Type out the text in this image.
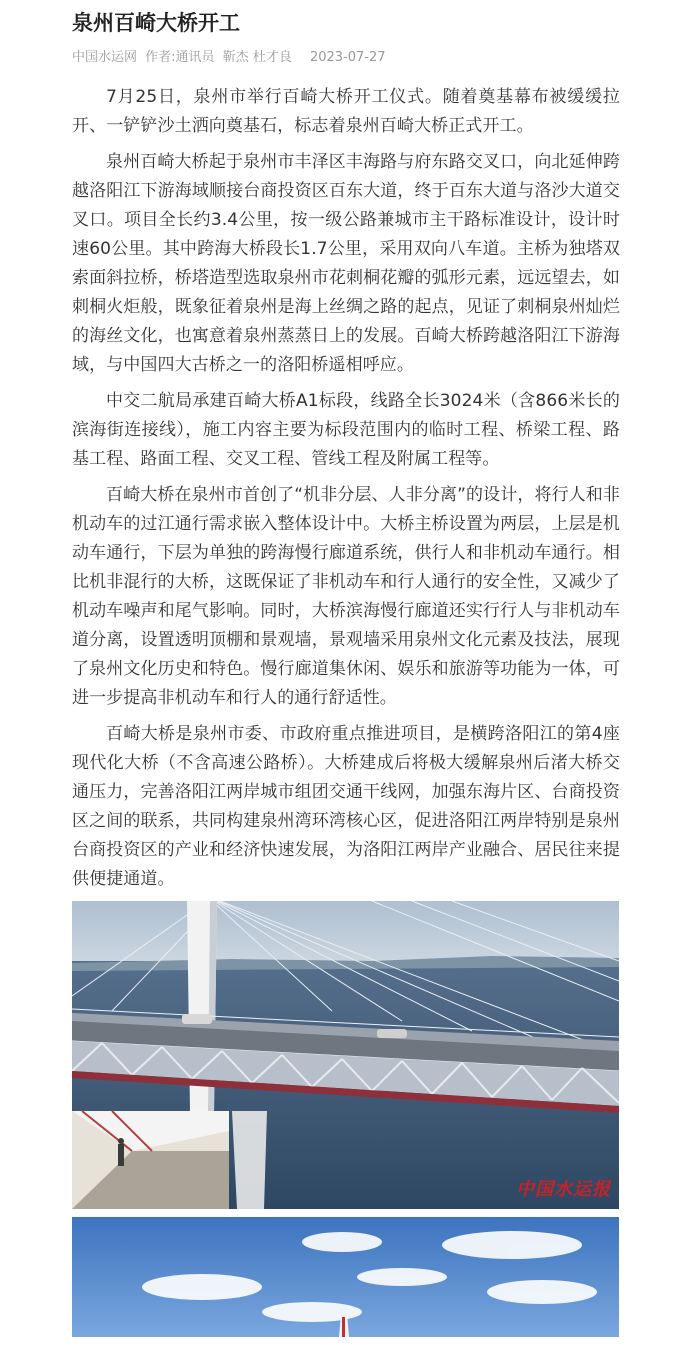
泉州百崎大桥开工
中国水运网 作者:通讯员 靳杰 杜才良 2023-07-27

7月25日，泉州市举行百崎大桥开工仪式。随着奠基幕布被缓缓拉开、一铲铲沙土洒向奠基石，标志着泉州百崎大桥正式开工。

泉州百崎大桥起于泉州市丰泽区丰海路与府东路交叉口，向北延伸跨越洛阳江下游海域顺接台商投资区百东大道，终于百东大道与洛沙大道交叉口。项目全长约3.4公里，按一级公路兼城市主干路标准设计，设计时速60公里。其中跨海大桥段长1.7公里，采用双向八车道。主桥为独塔双索面斜拉桥，桥塔造型选取泉州市花刺桐花瓣的弧形元素，远远望去，如刺桐火炬般，既象征着泉州是海上丝绸之路的起点，见证了刺桐泉州灿烂的海丝文化，也寓意着泉州蒸蒸日上的发展。百崎大桥跨越洛阳江下游海域，与中国四大古桥之一的洛阳桥遥相呼应。

中交二航局承建百崎大桥A1标段，线路全长3024米（含866米长的滨海街连接线），施工内容主要为标段范围内的临时工程、桥梁工程、路基工程、路面工程、交叉工程、管线工程及附属工程等。

百崎大桥在泉州市首创了“机非分层、人非分离”的设计，将行人和非机动车的过江通行需求嵌入整体设计中。大桥主桥设置为两层，上层是机动车通行，下层为单独的跨海慢行廊道系统，供行人和非机动车通行。相比机非混行的大桥，这既保证了非机动车和行人通行的安全性，又减少了机动车噪声和尾气影响。同时，大桥滨海慢行廊道还实行行人与非机动车道分离，设置透明顶棚和景观墙，景观墙采用泉州文化元素及技法，展现了泉州文化历史和特色。慢行廊道集休闲、娱乐和旅游等功能为一体，可进一步提高非机动车和行人的通行舒适性。

百崎大桥是泉州市委、市政府重点推进项目，是横跨洛阳江的第4座现代化大桥（不含高速公路桥）。大桥建成后将极大缓解泉州后渚大桥交通压力，完善洛阳江两岸城市组团交通干线网，加强东海片区、台商投资区之间的联系，共同构建泉州湾环湾核心区，促进洛阳江两岸特别是泉州台商投资区的产业和经济快速发展，为洛阳江两岸产业融合、居民往来提供便捷通道。

中国水运报
